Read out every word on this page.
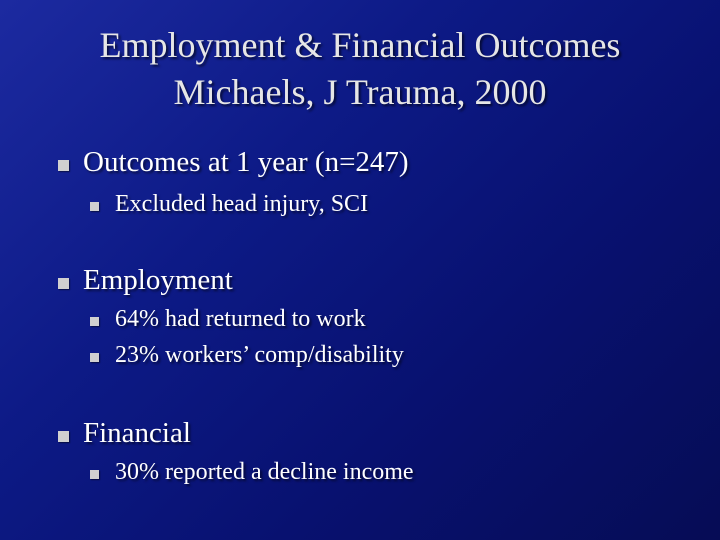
Employment & Financial Outcomes
Michaels, J Trauma, 2000
Outcomes at 1 year (n=247)
Excluded head injury, SCI
Employment
64% had returned to work
23% workers’ comp/disability
Financial
30% reported a decline income
